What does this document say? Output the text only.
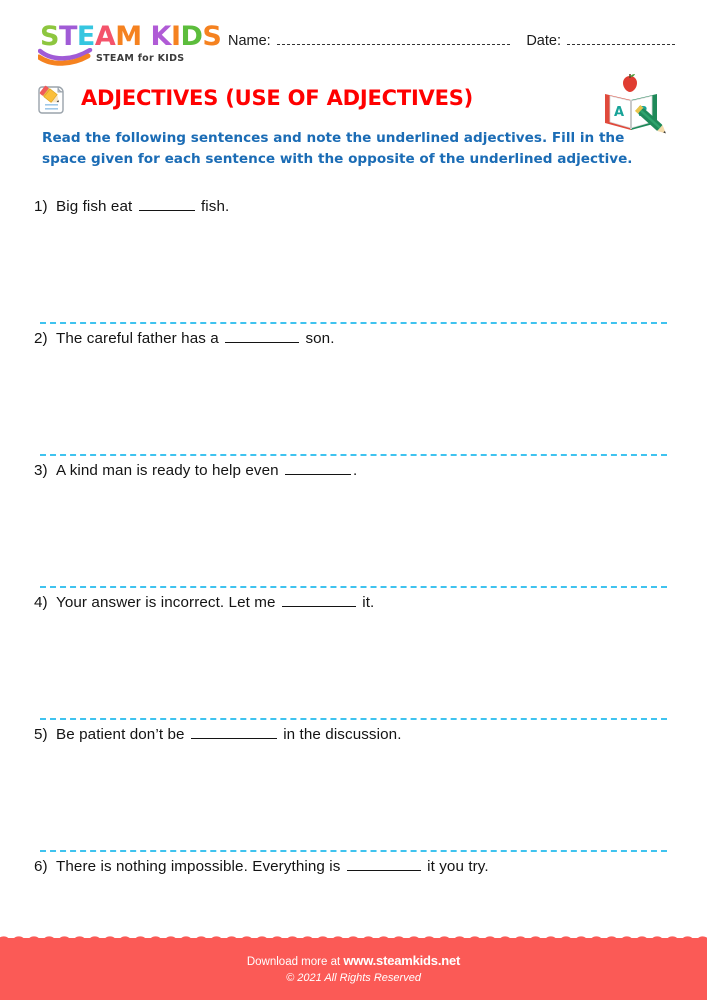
STEAM KIDS
STEAM for KIDS
Name:	Date:
ADJECTIVES (USE OF ADJECTIVES)
A
Read the following sentences and note the underlined adjectives. Fill in the space given for each sentence with the opposite of the underlined adjective.
1) Big fish eat	fish.
2) The careful father has a	son.
3) A kind man is ready to help even	.
4) Your answer is incorrect. Let me	it.
5) Be patient don’t be	in the discussion.
6) There is nothing impossible. Everything is	it you try.
Download more at www.steamkids.net
© 2021 All Rights Reserved
